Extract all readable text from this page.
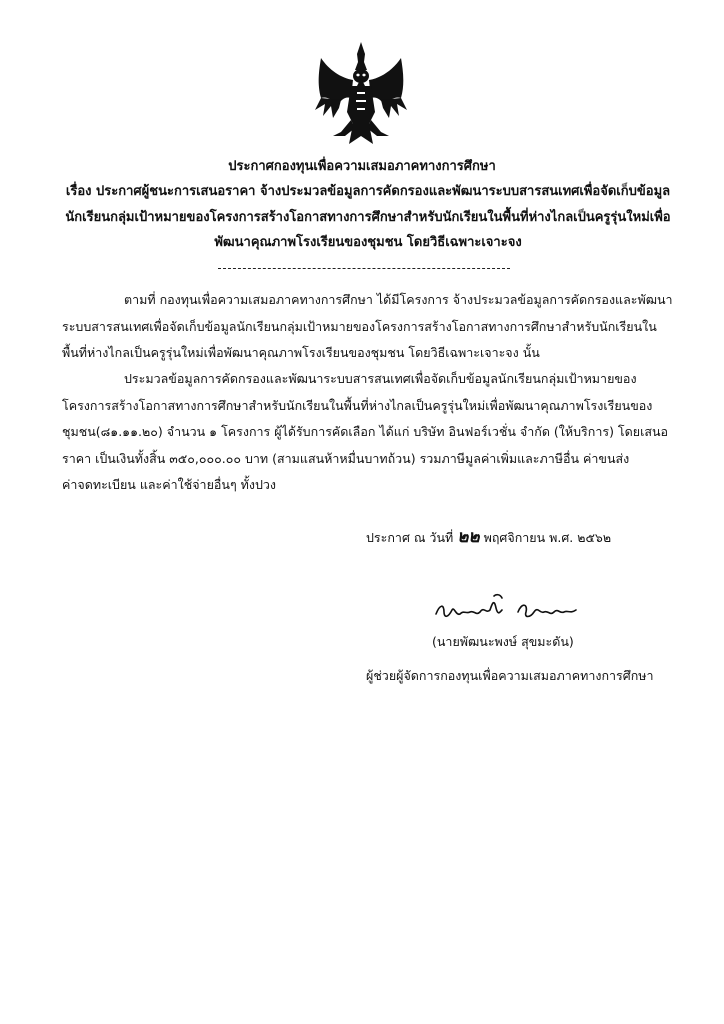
ประกาศกองทุนเพื่อความเสมอภาคทางการศึกษา
เรื่อง ประกาศผู้ชนะการเสนอราคา จ้างประมวลข้อมูลการคัดกรองและพัฒนาระบบสารสนเทศเพื่อจัดเก็บข้อมูล
นักเรียนกลุ่มเป้าหมายของโครงการสร้างโอกาสทางการศึกษาสำหรับนักเรียนในพื้นที่ห่างไกลเป็นครูรุ่นใหม่เพื่อ
พัฒนาคุณภาพโรงเรียนของชุมชน โดยวิธีเฉพาะเจาะจง
ตามที่ กองทุนเพื่อความเสมอภาคทางการศึกษา ได้มีโครงการ จ้างประมวลข้อมูลการคัดกรองและพัฒนา
ระบบสารสนเทศเพื่อจัดเก็บข้อมูลนักเรียนกลุ่มเป้าหมายของโครงการสร้างโอกาสทางการศึกษาสำหรับนักเรียนใน
พื้นที่ห่างไกลเป็นครูรุ่นใหม่เพื่อพัฒนาคุณภาพโรงเรียนของชุมชน โดยวิธีเฉพาะเจาะจง นั้น
ประมวลข้อมูลการคัดกรองและพัฒนาระบบสารสนเทศเพื่อจัดเก็บข้อมูลนักเรียนกลุ่มเป้าหมายของ
โครงการสร้างโอกาสทางการศึกษาสำหรับนักเรียนในพื้นที่ห่างไกลเป็นครูรุ่นใหม่เพื่อพัฒนาคุณภาพโรงเรียนของ
ชุมชน(๘๑.๑๑.๒๐) จำนวน ๑ โครงการ ผู้ได้รับการคัดเลือก ได้แก่ บริษัท อินฟอร์เวชั่น จำกัด (ให้บริการ) โดยเสนอ
ราคา เป็นเงินทั้งสิ้น ๓๕๐,๐๐๐.๐๐ บาท (สามแสนห้าหมื่นบาทถ้วน) รวมภาษีมูลค่าเพิ่มและภาษีอื่น ค่าขนส่ง
ค่าจดทะเบียน และค่าใช้จ่ายอื่นๆ ทั้งปวง
ประกาศ ณ วันที่ ๒๒ พฤศจิกายน พ.ศ. ๒๕๖๒
(นายพัฒนะพงษ์ สุขมะดัน)
ผู้ช่วยผู้จัดการกองทุนเพื่อความเสมอภาคทางการศึกษา
